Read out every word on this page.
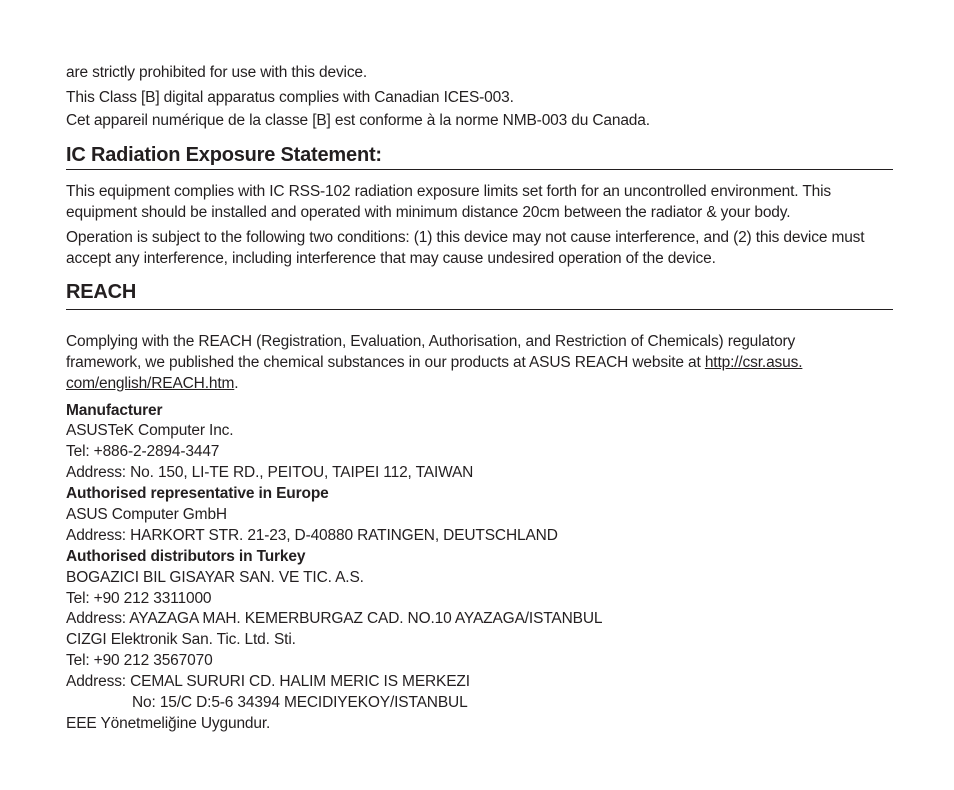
are strictly prohibited for use with this device.
This Class [B] digital apparatus complies with Canadian ICES-003.
Cet appareil numérique de la classe [B] est conforme à la norme NMB-003 du Canada.
IC Radiation Exposure Statement:
This equipment complies with IC RSS-102 radiation exposure limits set forth for an uncontrolled environment. This
equipment should be installed and operated with minimum distance 20cm between the radiator & your body.
Operation is subject to the following two conditions: (1) this device may not cause interference, and (2) this device must
accept any interference, including interference that may cause undesired operation of the device.
REACH
Complying with the REACH (Registration, Evaluation, Authorisation, and Restriction of Chemicals) regulatory
framework, we published the chemical substances in our products at ASUS REACH website at http://csr.asus.
com/english/REACH.htm.
Manufacturer
ASUSTeK Computer Inc.
Tel: +886-2-2894-3447
Address: No. 150, LI-TE RD., PEITOU, TAIPEI 112, TAIWAN
Authorised representative in Europe
ASUS Computer GmbH
Address: HARKORT STR. 21-23, D-40880 RATINGEN, DEUTSCHLAND
Authorised distributors in Turkey
BOGAZICI BIL GISAYAR SAN. VE TIC. A.S.
Tel: +90 212 3311000
Address: AYAZAGA MAH. KEMERBURGAZ CAD. NO.10 AYAZAGA/ISTANBUL
CIZGI Elektronik San. Tic. Ltd. Sti.
Tel: +90 212 3567070
Address: CEMAL SURURI CD. HALIM MERIC IS MERKEZI
No: 15/C D:5-6 34394 MECIDIYEKOY/ISTANBUL
EEE Yönetmeliğine Uygundur.
